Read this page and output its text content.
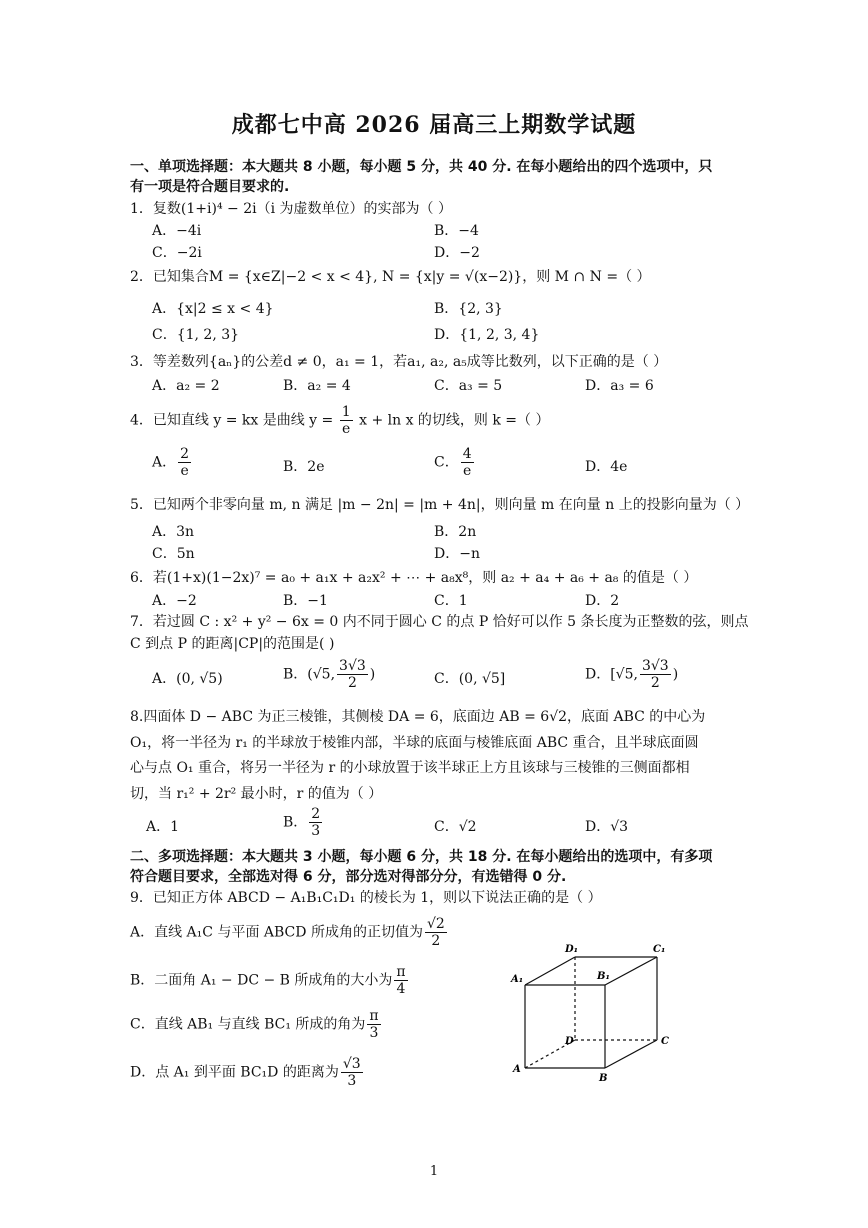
成都七中高 2026 届高三上期数学试题
一、单项选择题：本大题共 8 小题，每小题 5 分，共 40 分. 在每小题给出的四个选项中，只
有一项是符合题目要求的.
1．复数(1+i)⁴ − 2i（i 为虚数单位）的实部为（ ）
A．−4i	B．−4
C．−2i	D．−2
2．已知集合M = {x∈Z|−2 < x < 4}, N = {x|y = √(x−2)}，则 M ∩ N =（ ）
A．{x|2 ≤ x < 4}	B．{2, 3}
C．{1, 2, 3}	D．{1, 2, 3, 4}
3．等差数列{aₙ}的公差d ≠ 0，a₁ = 1，若a₁, a₂, a₅成等比数列，以下正确的是（ ）
A．a₂ = 2	B．a₂ = 4	C．a₃ = 5	D．a₃ = 6
4．已知直线 y = kx 是曲线 $y = \frac{1}{e}$ x + ln x 的切线，则 k =（ ）
A． $\frac{2}{e}$	B．2e	C． $\frac{4}{e}$	D．4e
5．已知两个非零向量 m, n 满足 |m − 2n| = |m + 4n|，则向量 m 在向量 n 上的投影向量为（ ）
A．3n	B．2n
C．5n	D．−n
6．若(1+x)(1−2x)⁷ = a₀ + a₁x + a₂x² + ⋯ + a₈x⁸，则 a₂ + a₄ + a₆ + a₈ 的值是（ ）
A．−2	B．−1	C．1	D．2
7．若过圆 C : x² + y² − 6x = 0 内不同于圆心 C 的点 P 恰好可以作 5 条长度为正整数的弦，则点
C 到点 P 的距离|CP|的范围是( )
A．(0, √5)	B．(√5, $\frac{3√3}{2}$ )	C．(0, √5]	D．[√5, $\frac{3√3}{2}$ )
8.四面体 D − ABC 为正三棱锥，其侧棱 DA = 6，底面边 AB = 6√2，底面 ABC 的中心为
O₁，将一半径为 r₁ 的半球放于棱锥内部，半球的底面与棱锥底面 ABC 重合，且半球底面圆
心与点 O₁ 重合，将另一半径为 r 的小球放置于该半球正上方且该球与三棱锥的三侧面都相
切，当 r₁² + 2r² 最小时，r 的值为（ ）
A．1	B． $\frac{2}{3}$	C．√2	D．√3
二、多项选择题：本大题共 3 小题，每小题 6 分，共 18 分. 在每小题给出的选项中，有多项
符合题目要求，全部选对得 6 分，部分选对得部分分，有选错得 0 分.
9．已知正方体 ABCD − A₁B₁C₁D₁ 的棱长为 1，则以下说法正确的是（ ）
A．直线 A₁C 与平面 ABCD 所成角的正切值为 $\frac{√2}{2}$
B．二面角 A₁ − DC − B 所成角的大小为 $\frac{\pi}{4}$
C．直线 AB₁ 与直线 BC₁ 所成的角为 $\frac{\pi}{3}$
D．点 A₁ 到平面 BC₁D 的距离为 $\frac{√3}{3}$
A₁	B₁
C₁
D₁
A
B
C
D
1
